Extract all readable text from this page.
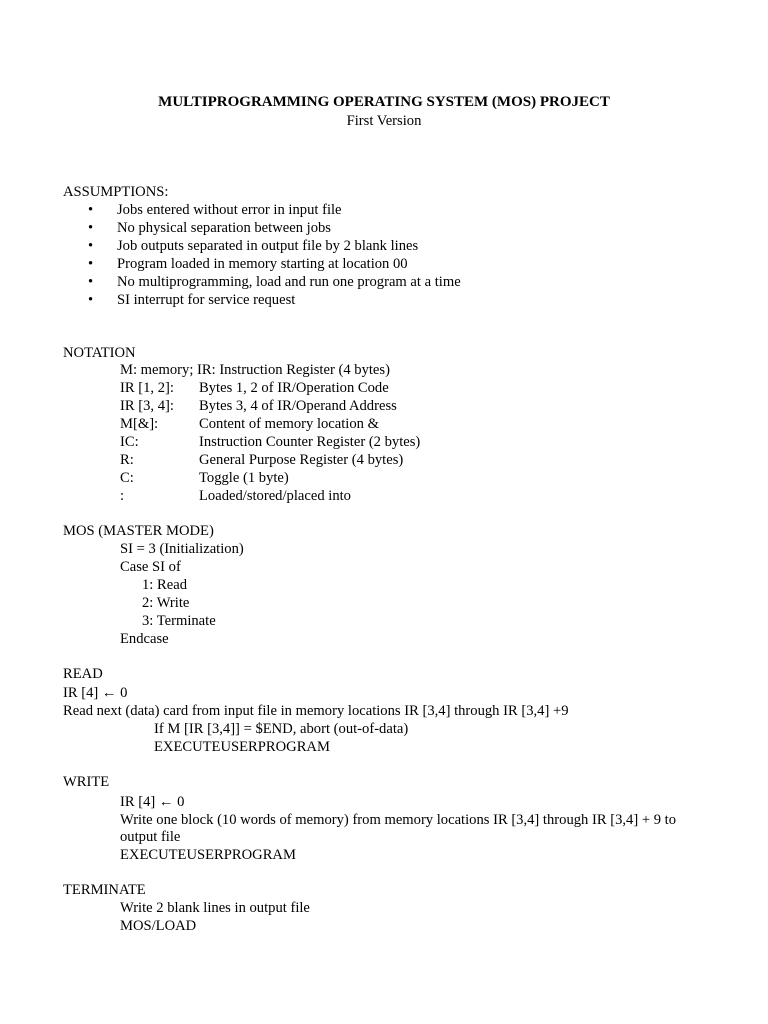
MULTIPROGRAMMING OPERATING SYSTEM (MOS) PROJECT
First Version
ASSUMPTIONS:
•Jobs entered without error in input file
•No physical separation between jobs
•Job outputs separated in output file by 2 blank lines
•Program loaded in memory starting at location 00
•No multiprogramming, load and run one program at a time
•SI interrupt for service request
NOTATION
M: memory; IR: Instruction Register (4 bytes)
IR [1, 2]: Bytes 1, 2 of IR/Operation Code
IR [3, 4]: Bytes 3, 4 of IR/Operand Address
M[&]:	Content of memory location &
IC:	Instruction Counter Register (2 bytes)
R:	General Purpose Register (4 bytes)
C:	Toggle (1 byte)
:	Loaded/stored/placed into
MOS (MASTER MODE)
SI = 3 (Initialization)
Case SI of
1: Read
2: Write
3: Terminate
Endcase
READ
IR [4] ← 0
Read next (data) card from input file in memory locations IR [3,4] through IR [3,4] +9
If M [IR [3,4]] = $END, abort (out-of-data)
EXECUTEUSERPROGRAM
WRITE
IR [4] ← 0
Write one block (10 words of memory) from memory locations IR [3,4] through IR [3,4] + 9 to
output file
EXECUTEUSERPROGRAM
TERMINATE
Write 2 blank lines in output file
MOS/LOAD
